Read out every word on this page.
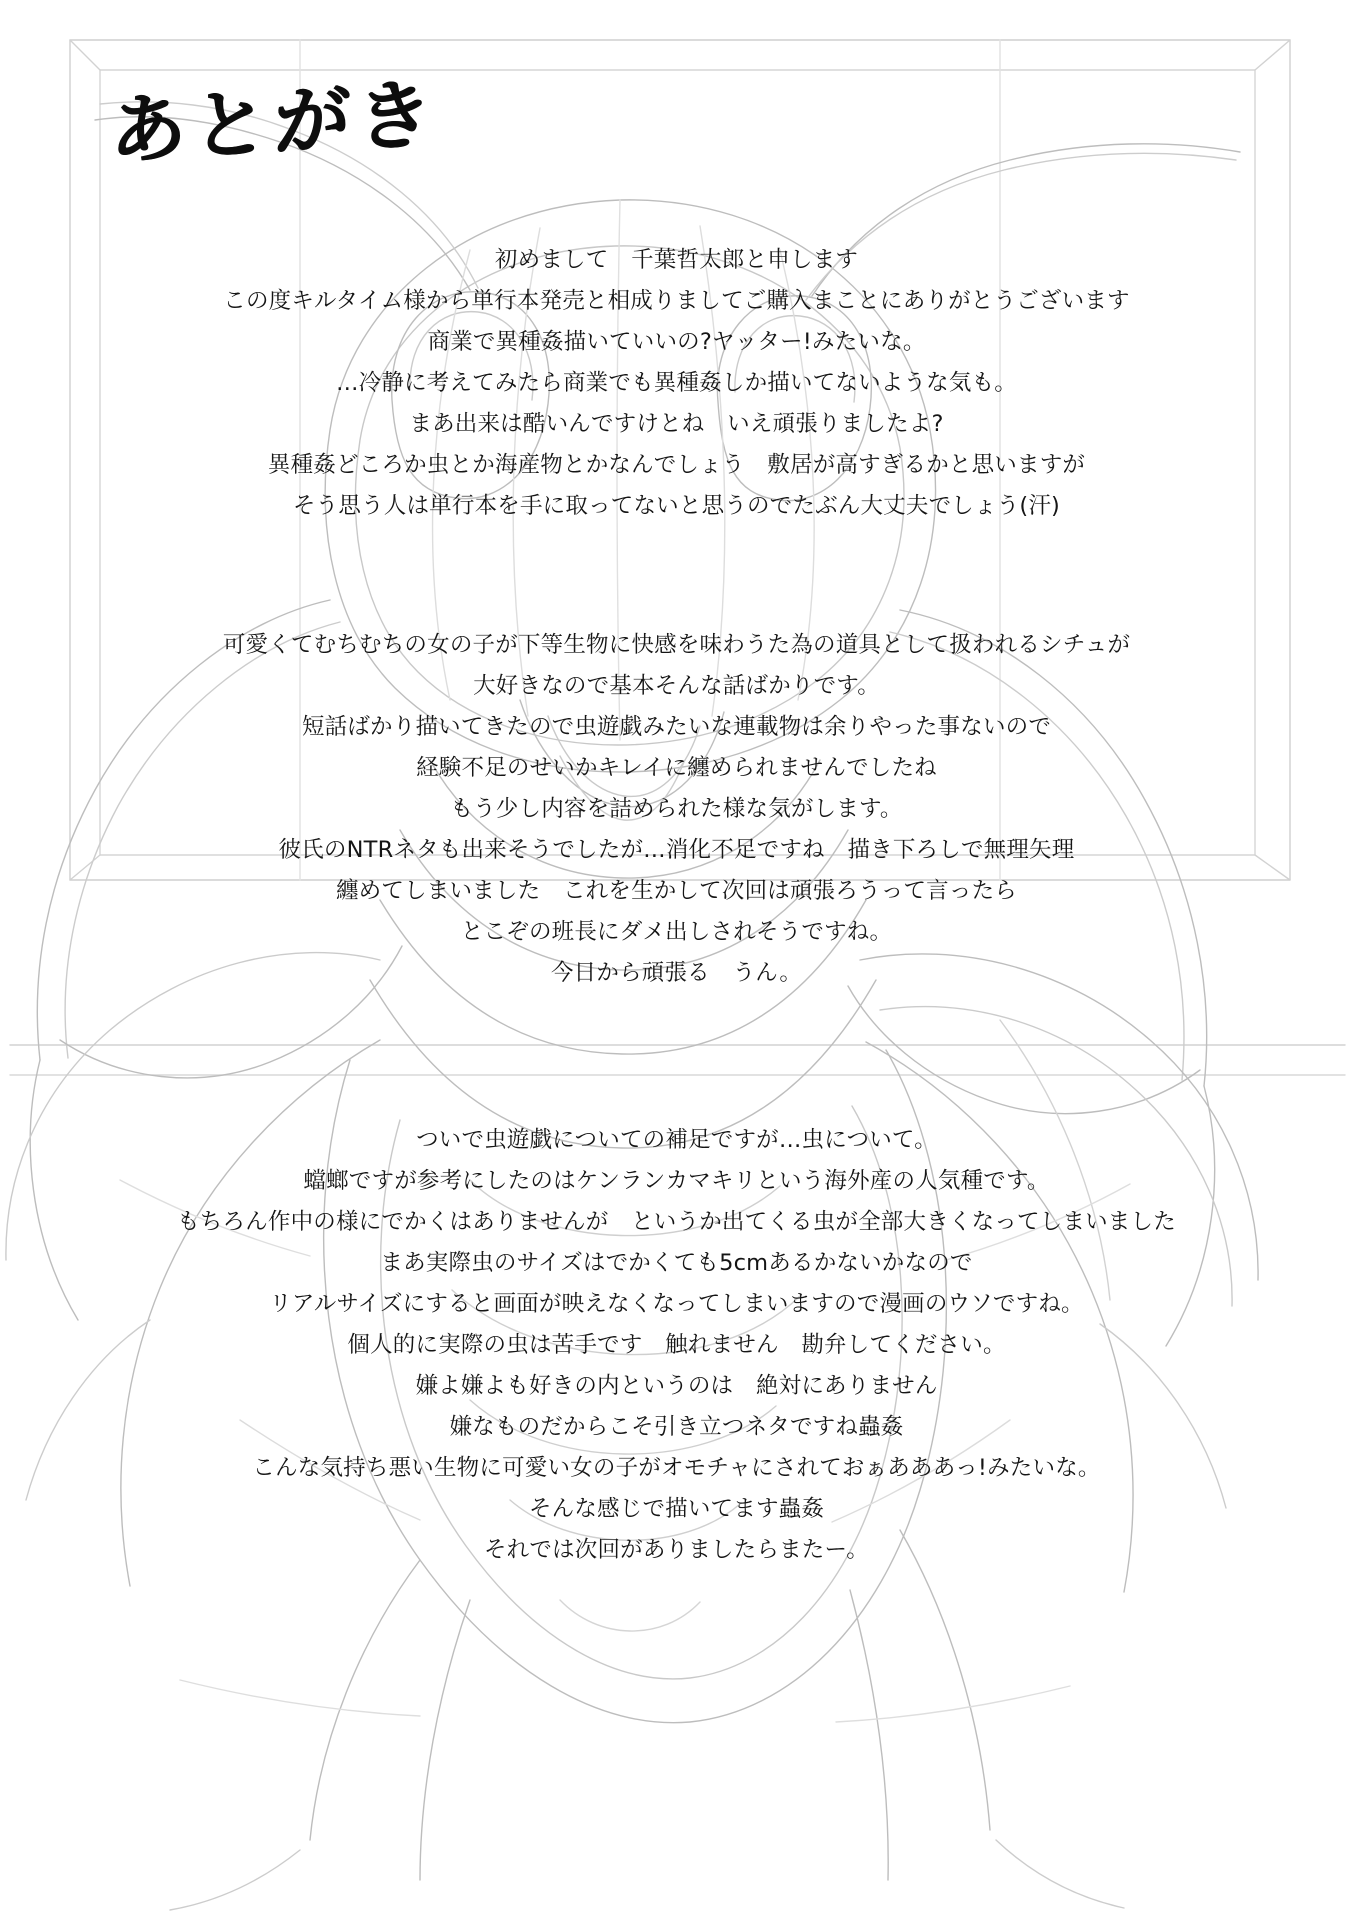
あとがき

初めまして　千葉哲太郎と申します

この度キルタイム様から単行本発売と相成りましてご購入まことにありがとうございます

商業で異種姦描いていいの?ヤッター!みたいな。

…冷静に考えてみたら商業でも異種姦しか描いてないような気も。

まあ出来は酷いんですけとね　いえ頑張りましたよ?

異種姦どころか虫とか海産物とかなんでしょう　敷居が高すぎるかと思いますが

そう思う人は単行本を手に取ってないと思うのでたぶん大丈夫でしょう(汗)

可愛くてむちむちの女の子が下等生物に快感を味わうた為の道具として扱われるシチュが

大好きなので基本そんな話ばかりです。

短話ばかり描いてきたので虫遊戯みたいな連載物は余りやった事ないので

経験不足のせいかキレイに纏められませんでしたね

もう少し内容を詰められた様な気がします。

彼氏のNTRネタも出来そうでしたが…消化不足ですね　描き下ろしで無理矢理

纏めてしまいました　これを生かして次回は頑張ろうって言ったら

とこぞの班長にダメ出しされそうですね。

今日から頑張る　うん。

ついで虫遊戯についての補足ですが…虫について。

蟷螂ですが参考にしたのはケンランカマキリという海外産の人気種です。

もちろん作中の様にでかくはありませんが　というか出てくる虫が全部大きくなってしまいました

まあ実際虫のサイズはでかくても5cmあるかないかなので

リアルサイズにすると画面が映えなくなってしまいますので漫画のウソですね。

個人的に実際の虫は苦手です　触れません　勘弁してください。

嫌よ嫌よも好きの内というのは　絶対にありません

嫌なものだからこそ引き立つネタですね蟲姦

こんな気持ち悪い生物に可愛い女の子がオモチャにされておぁあああっ!みたいな。

そんな感じで描いてます蟲姦

それでは次回がありましたらまたー。
